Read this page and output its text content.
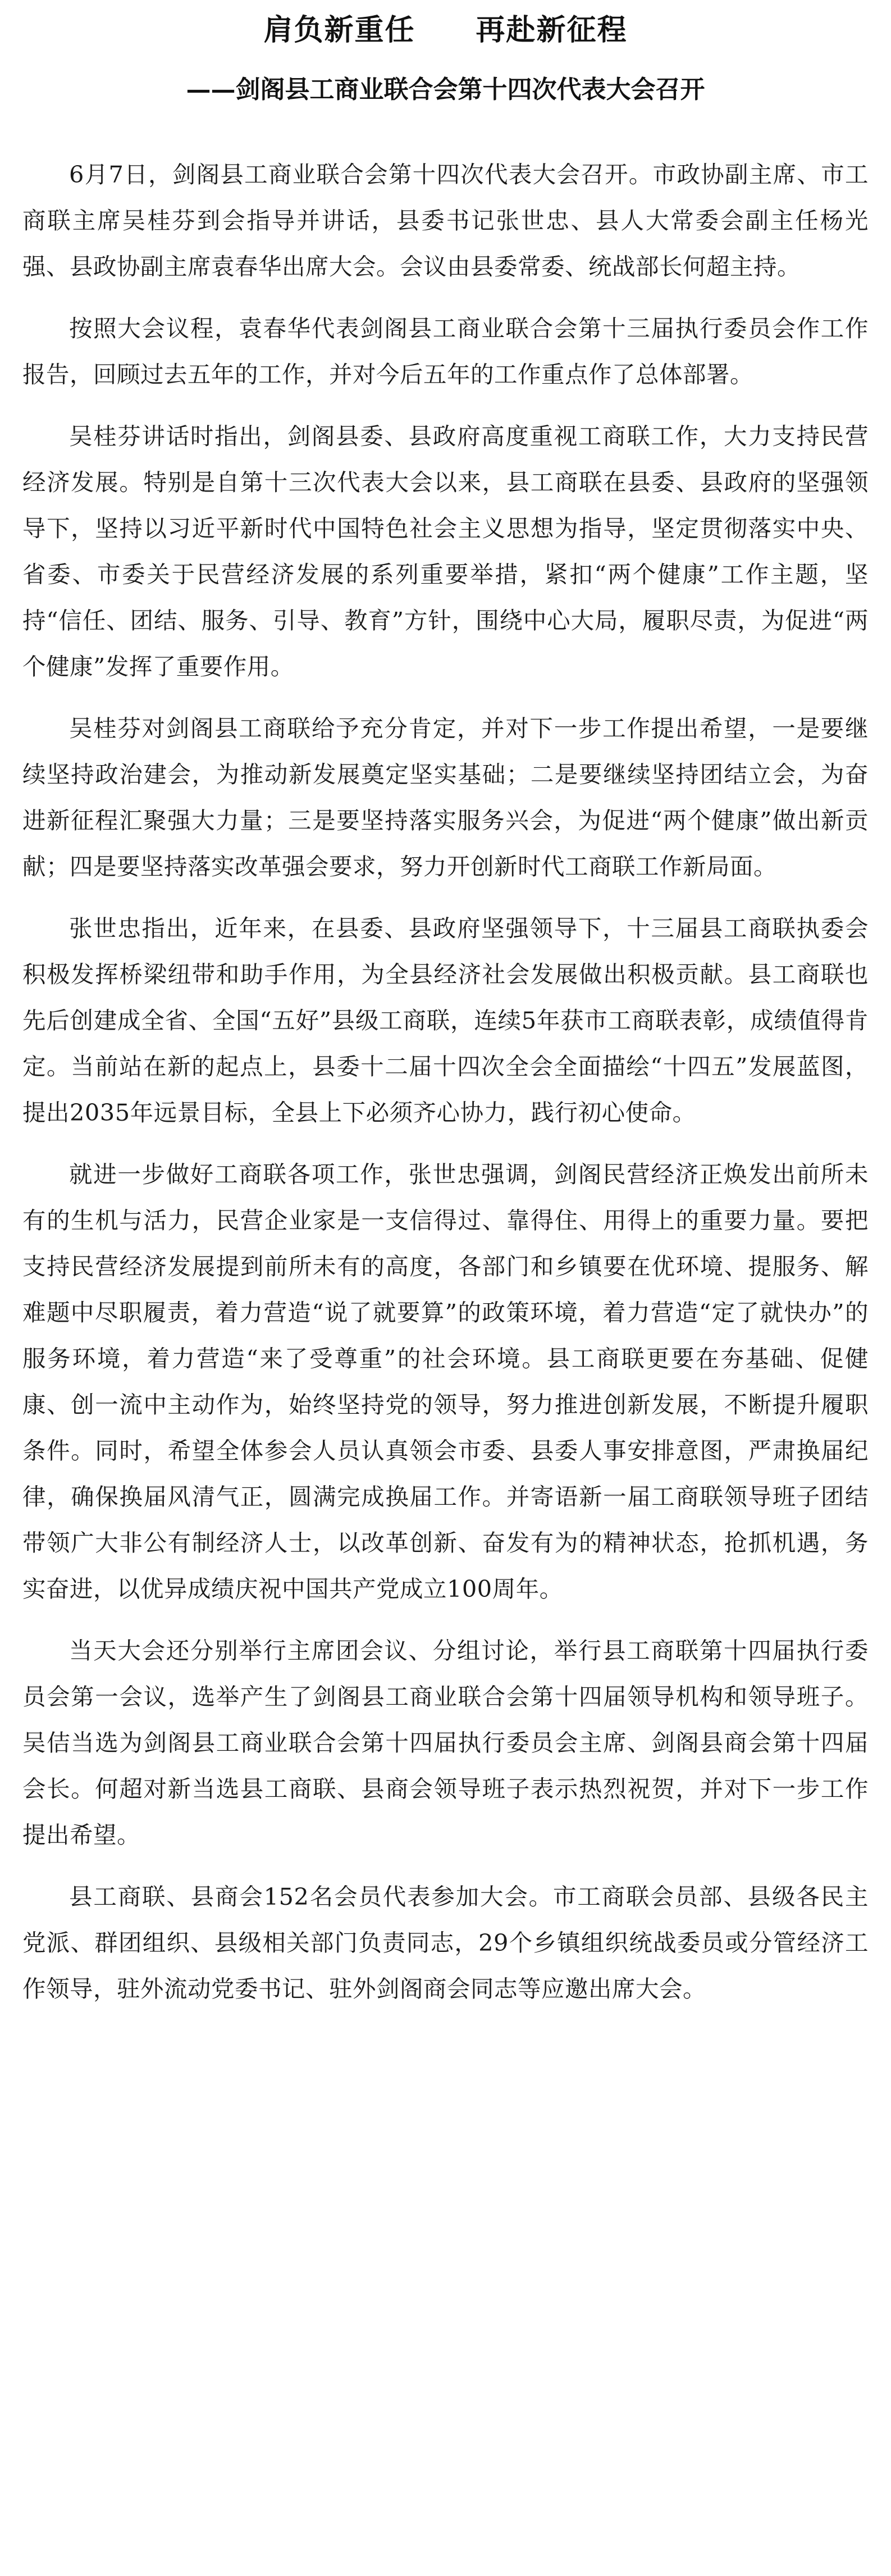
肩负新重任　　再赴新征程
——剑阁县工商业联合会第十四次代表大会召开

6月7日，剑阁县工商业联合会第十四次代表大会召开。市政协副主席、市工商联主席吴桂芬到会指导并讲话，县委书记张世忠、县人大常委会副主任杨光强、县政协副主席袁春华出席大会。会议由县委常委、统战部长何超主持。

按照大会议程，袁春华代表剑阁县工商业联合会第十三届执行委员会作工作报告，回顾过去五年的工作，并对今后五年的工作重点作了总体部署。

吴桂芬讲话时指出，剑阁县委、县政府高度重视工商联工作，大力支持民营经济发展。特别是自第十三次代表大会以来，县工商联在县委、县政府的坚强领导下，坚持以习近平新时代中国特色社会主义思想为指导，坚定贯彻落实中央、省委、市委关于民营经济发展的系列重要举措，紧扣“两个健康”工作主题，坚持“信任、团结、服务、引导、教育”方针，围绕中心大局，履职尽责，为促进“两个健康”发挥了重要作用。

吴桂芬对剑阁县工商联给予充分肯定，并对下一步工作提出希望，一是要继续坚持政治建会，为推动新发展奠定坚实基础；二是要继续坚持团结立会，为奋进新征程汇聚强大力量；三是要坚持落实服务兴会，为促进“两个健康”做出新贡献；四是要坚持落实改革强会要求，努力开创新时代工商联工作新局面。

张世忠指出，近年来，在县委、县政府坚强领导下，十三届县工商联执委会积极发挥桥梁纽带和助手作用，为全县经济社会发展做出积极贡献。县工商联也先后创建成全省、全国“五好”县级工商联，连续5年获市工商联表彰，成绩值得肯定。当前站在新的起点上，县委十二届十四次全会全面描绘“十四五”发展蓝图，提出2035年远景目标，全县上下必须齐心协力，践行初心使命。

就进一步做好工商联各项工作，张世忠强调，剑阁民营经济正焕发出前所未有的生机与活力，民营企业家是一支信得过、靠得住、用得上的重要力量。要把支持民营经济发展提到前所未有的高度，各部门和乡镇要在优环境、提服务、解难题中尽职履责，着力营造“说了就要算”的政策环境，着力营造“定了就快办”的服务环境，着力营造“来了受尊重”的社会环境。县工商联更要在夯基础、促健康、创一流中主动作为，始终坚持党的领导，努力推进创新发展，不断提升履职条件。同时，希望全体参会人员认真领会市委、县委人事安排意图，严肃换届纪律，确保换届风清气正，圆满完成换届工作。并寄语新一届工商联领导班子团结带领广大非公有制经济人士，以改革创新、奋发有为的精神状态，抢抓机遇，务实奋进，以优异成绩庆祝中国共产党成立100周年。

当天大会还分别举行主席团会议、分组讨论，举行县工商联第十四届执行委员会第一会议，选举产生了剑阁县工商业联合会第十四届领导机构和领导班子。吴佶当选为剑阁县工商业联合会第十四届执行委员会主席、剑阁县商会第十四届会长。何超对新当选县工商联、县商会领导班子表示热烈祝贺，并对下一步工作提出希望。

县工商联、县商会152名会员代表参加大会。市工商联会员部、县级各民主党派、群团组织、县级相关部门负责同志，29个乡镇组织统战委员或分管经济工作领导，驻外流动党委书记、驻外剑阁商会同志等应邀出席大会。
